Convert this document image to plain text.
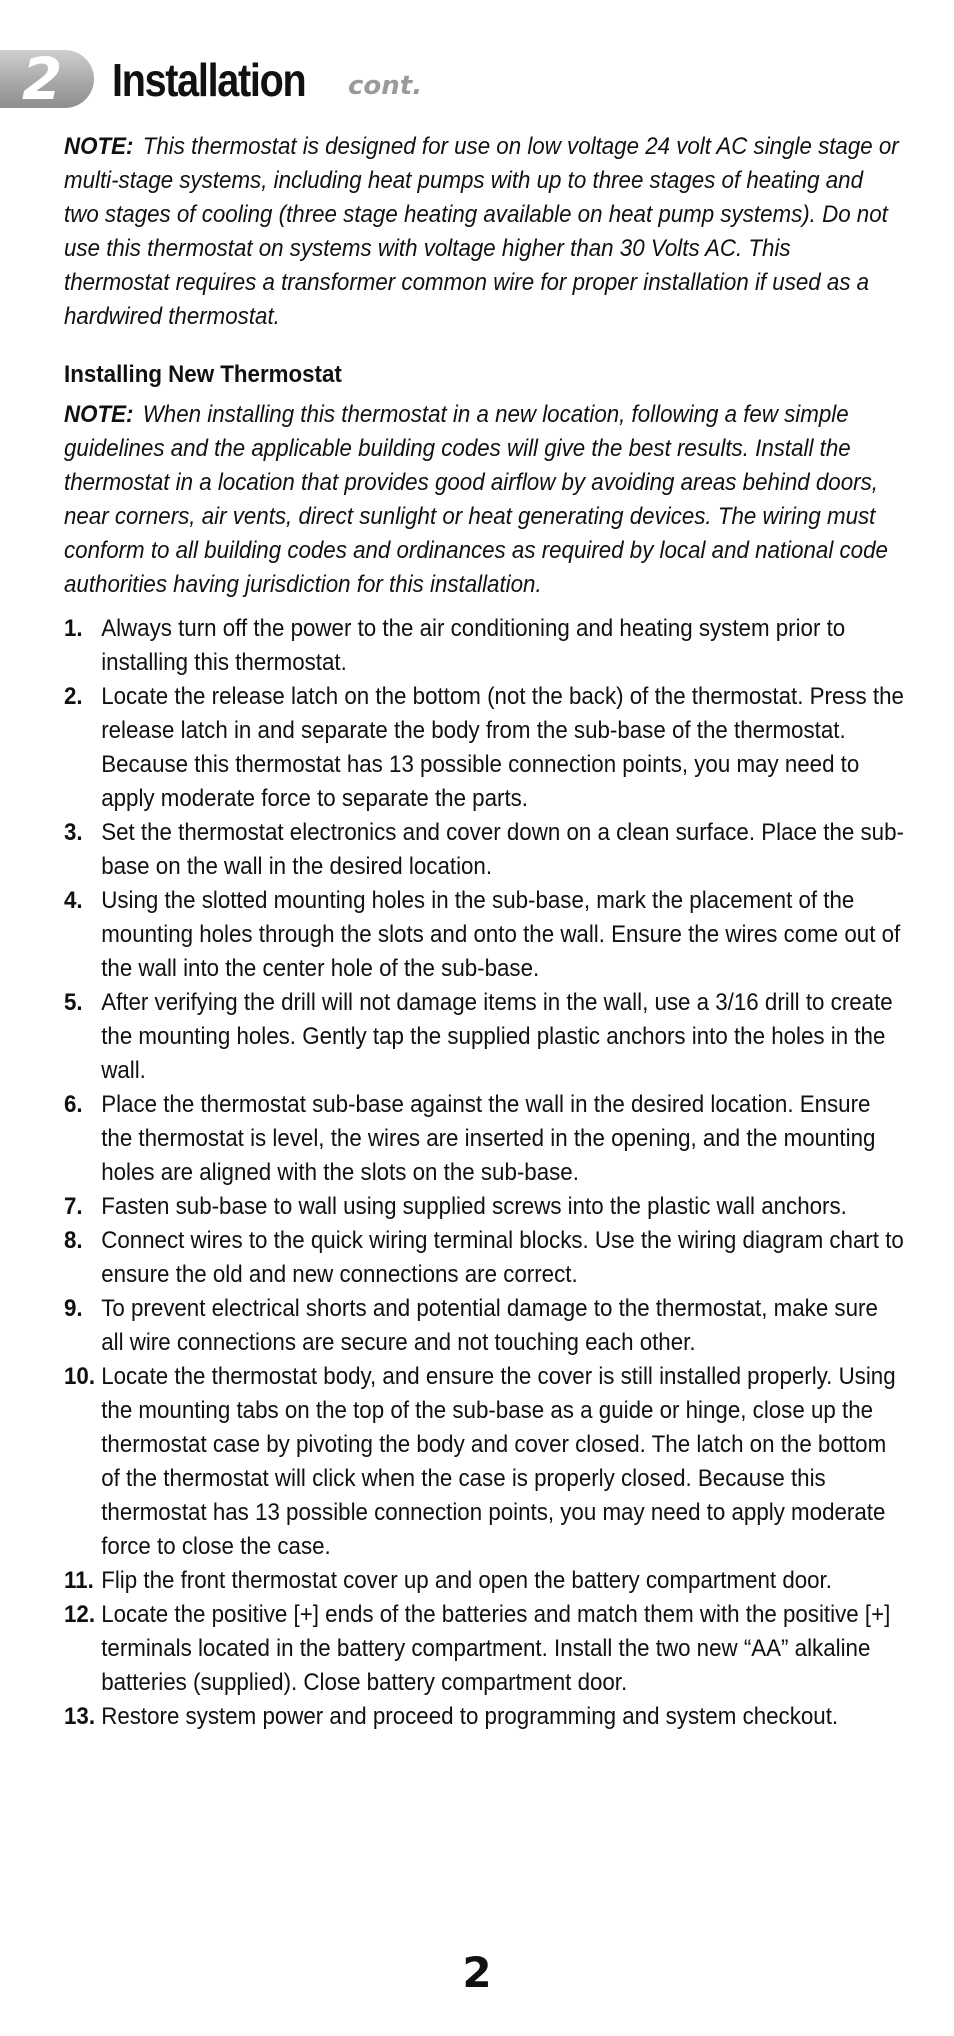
2 Installation cont.

NOTE: This thermostat is designed for use on low voltage 24 volt AC single stage or multi-stage systems, including heat pumps with up to three stages of heating and two stages of cooling (three stage heating available on heat pump systems). Do not use this thermostat on systems with voltage higher than 30 Volts AC. This thermostat requires a transformer common wire for proper installation if used as a hardwired thermostat.

Installing New Thermostat

NOTE: When installing this thermostat in a new location, following a few simple guidelines and the applicable building codes will give the best results. Install the thermostat in a location that provides good airflow by avoiding areas behind doors, near corners, air vents, direct sunlight or heat generating devices. The wiring must conform to all building codes and ordinances as required by local and national code authorities having jurisdiction for this installation.

1. Always turn off the power to the air conditioning and heating system prior to installing this thermostat.
2. Locate the release latch on the bottom (not the back) of the thermostat. Press the release latch in and separate the body from the sub-base of the thermostat. Because this thermostat has 13 possible connection points, you may need to apply moderate force to separate the parts.
3. Set the thermostat electronics and cover down on a clean surface. Place the sub-base on the wall in the desired location.
4. Using the slotted mounting holes in the sub-base, mark the placement of the mounting holes through the slots and onto the wall. Ensure the wires come out of the wall into the center hole of the sub-base.
5. After verifying the drill will not damage items in the wall, use a 3/16 drill to create the mounting holes. Gently tap the supplied plastic anchors into the holes in the wall.
6. Place the thermostat sub-base against the wall in the desired location. Ensure the thermostat is level, the wires are inserted in the opening, and the mounting holes are aligned with the slots on the sub-base.
7. Fasten sub-base to wall using supplied screws into the plastic wall anchors.
8. Connect wires to the quick wiring terminal blocks. Use the wiring diagram chart to ensure the old and new connections are correct.
9. To prevent electrical shorts and potential damage to the thermostat, make sure all wire connections are secure and not touching each other.
10. Locate the thermostat body, and ensure the cover is still installed properly. Using the mounting tabs on the top of the sub-base as a guide or hinge, close up the thermostat case by pivoting the body and cover closed. The latch on the bottom of the thermostat will click when the case is properly closed. Because this thermostat has 13 possible connection points, you may need to apply moderate force to close the case.
11. Flip the front thermostat cover up and open the battery compartment door.
12. Locate the positive [+] ends of the batteries and match them with the positive [+] terminals located in the battery compartment. Install the two new “AA” alkaline batteries (supplied). Close battery compartment door.
13. Restore system power and proceed to programming and system checkout.
2
